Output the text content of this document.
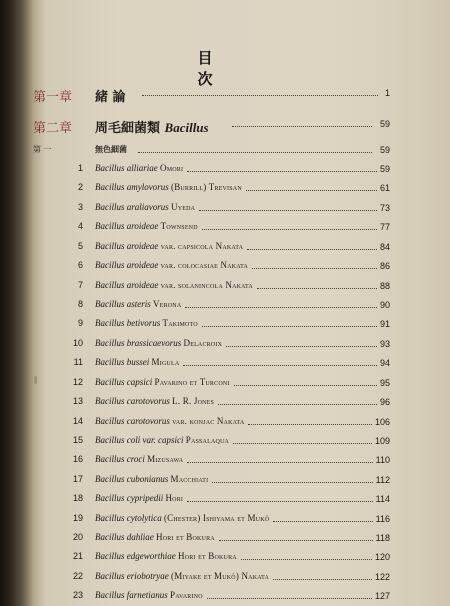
目 次
第一章 緒 論	1
第二章 周毛細菌類 Bacillus	59
第 一	無色細菌	59
1 Bacillus alliariae Omori	59
2 Bacillus amylovorus (Burrill) Trevisan	61
3 Bacillus araliavorus Uyeda	73
4 Bacillus aroideae Townsend	77
5 Bacillus aroideae var. capsicola Nakata	84
6 Bacillus aroideae var. colocasiae Nakata	86
7 Bacillus aroideae var. solanincola Nakata	88
8 Bacillus asteris Verona	90
9 Bacillus betivorus Takimoto	91
10 Bacillus brassicaevorus Delacroix	93
11 Bacillus bussei Migula	94
12 Bacillus capsici Pavarino et Turconi	95
13 Bacillus carotovorus L. R. Jones	96
14 Bacillus carotovorus var. konjac Nakata	106
15 Bacillus coli var. capsici Passalaqua	109
16 Bacillus croci Mizusawa	110
17 Bacillus cubonianus Macchiati	112
18 Bacillus cypripedii Hori	114
19 Bacillus cytolytica (Chester) Ishiyama et Mukô	116
20 Bacillus dahliae Hori et Bokura	118
21 Bacillus edgeworthiae Hori et Bokura	120
22 Bacillus eriobotryae (Miyake et Mukô) Nakata	122
23 Bacillus farnetianus Pavarino	127
